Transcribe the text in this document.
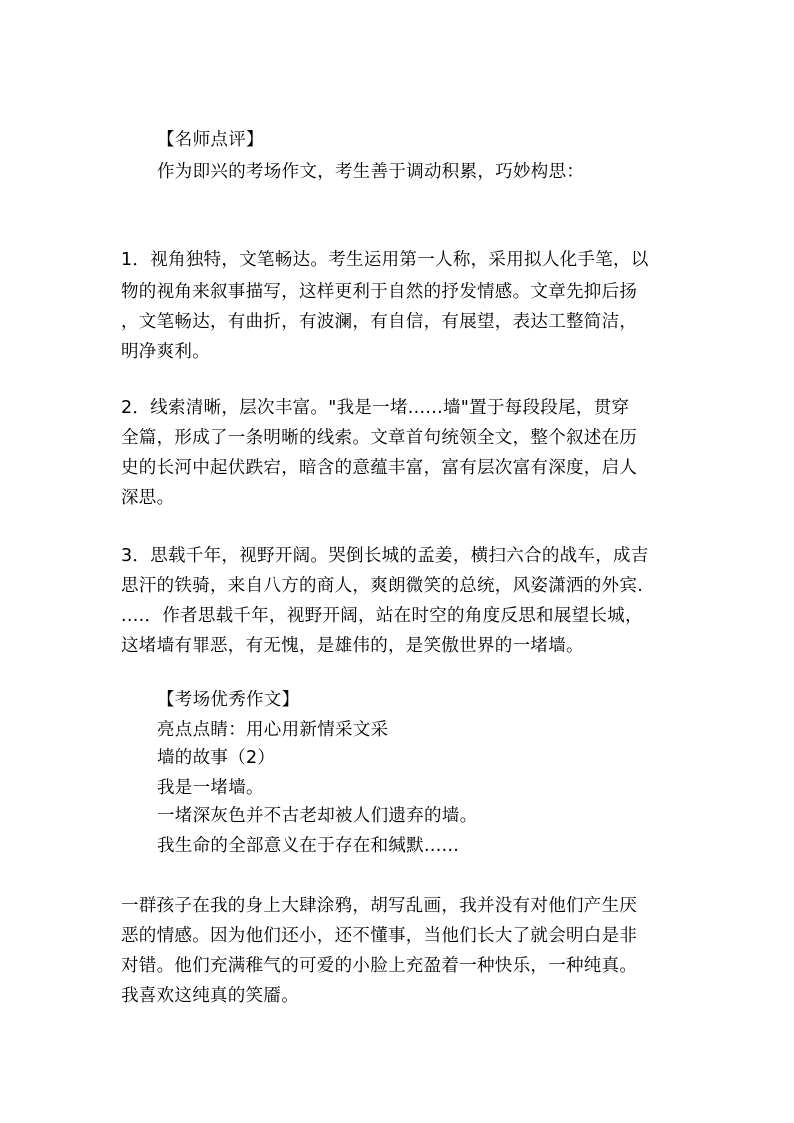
【名师点评】
作为即兴的考场作文，考生善于调动积累，巧妙构思：
1．视角独特，文笔畅达。考生运用第一人称，采用拟人化手笔，以
物的视角来叙事描写，这样更利于自然的抒发情感。文章先抑后扬
，文笔畅达，有曲折，有波澜，有自信，有展望，表达工整简洁，
明净爽利。
2．线索清晰，层次丰富。"我是一堵......墙"置于每段段尾，贯穿
全篇，形成了一条明晰的线索。文章首句统领全文，整个叙述在历
史的长河中起伏跌宕，暗含的意蕴丰富，富有层次富有深度，启人
深思。
3．思载千年，视野开阔。哭倒长城的孟姜，横扫六合的战车，成吉
思汗的铁骑，来自八方的商人，爽朗微笑的总统，风姿潇洒的外宾.
....．作者思载千年，视野开阔，站在时空的角度反思和展望长城，
这堵墙有罪恶，有无愧，是雄伟的，是笑傲世界的一堵墙。
【考场优秀作文】
亮点点睛：用心用新情采文采
墙的故事（2）
我是一堵墙。
一堵深灰色并不古老却被人们遗弃的墙。
我生命的全部意义在于存在和缄默......
一群孩子在我的身上大肆涂鸦，胡写乱画，我并没有对他们产生厌
恶的情感。因为他们还小，还不懂事，当他们长大了就会明白是非
对错。他们充满稚气的可爱的小脸上充盈着一种快乐，一种纯真。
我喜欢这纯真的笑靥。
